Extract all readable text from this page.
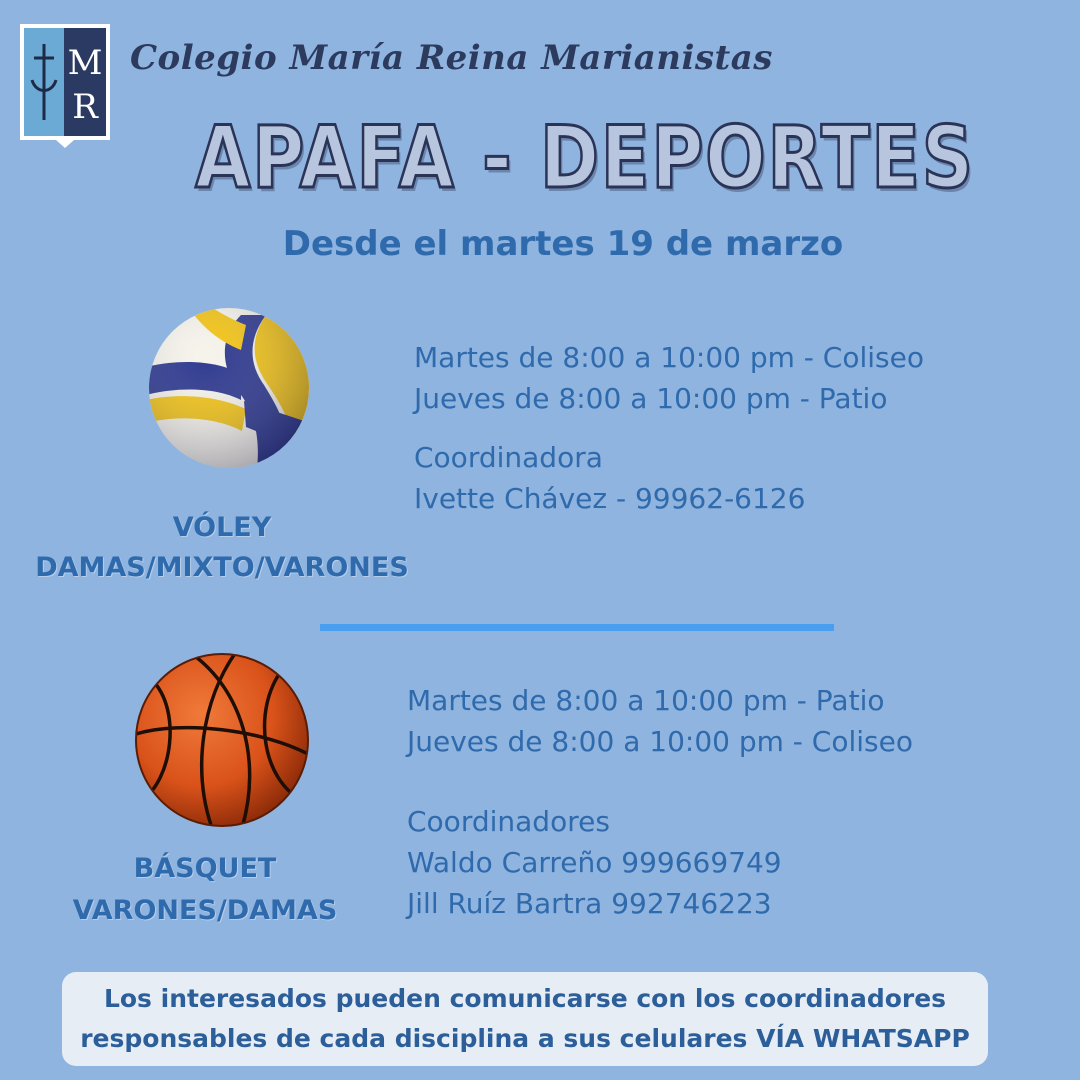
M
R
Colegio María Reina Marianistas
APAFA - DEPORTES
Desde el martes 19 de marzo
VÓLEY
DAMAS/MIXTO/VARONES
Martes de 8:00 a 10:00 pm - Coliseo
Jueves de 8:00 a 10:00 pm - Patio
Coordinadora
Ivette Chávez - 99962-6126
BÁSQUET
VARONES/DAMAS
Martes de 8:00 a 10:00 pm - Patio
Jueves de 8:00 a 10:00 pm - Coliseo
Coordinadores
Waldo Carreño 999669749
Jill Ruíz Bartra 992746223
Los interesados pueden comunicarse con los coordinadores
responsables de cada disciplina a sus celulares VÍA WHATSAPP
